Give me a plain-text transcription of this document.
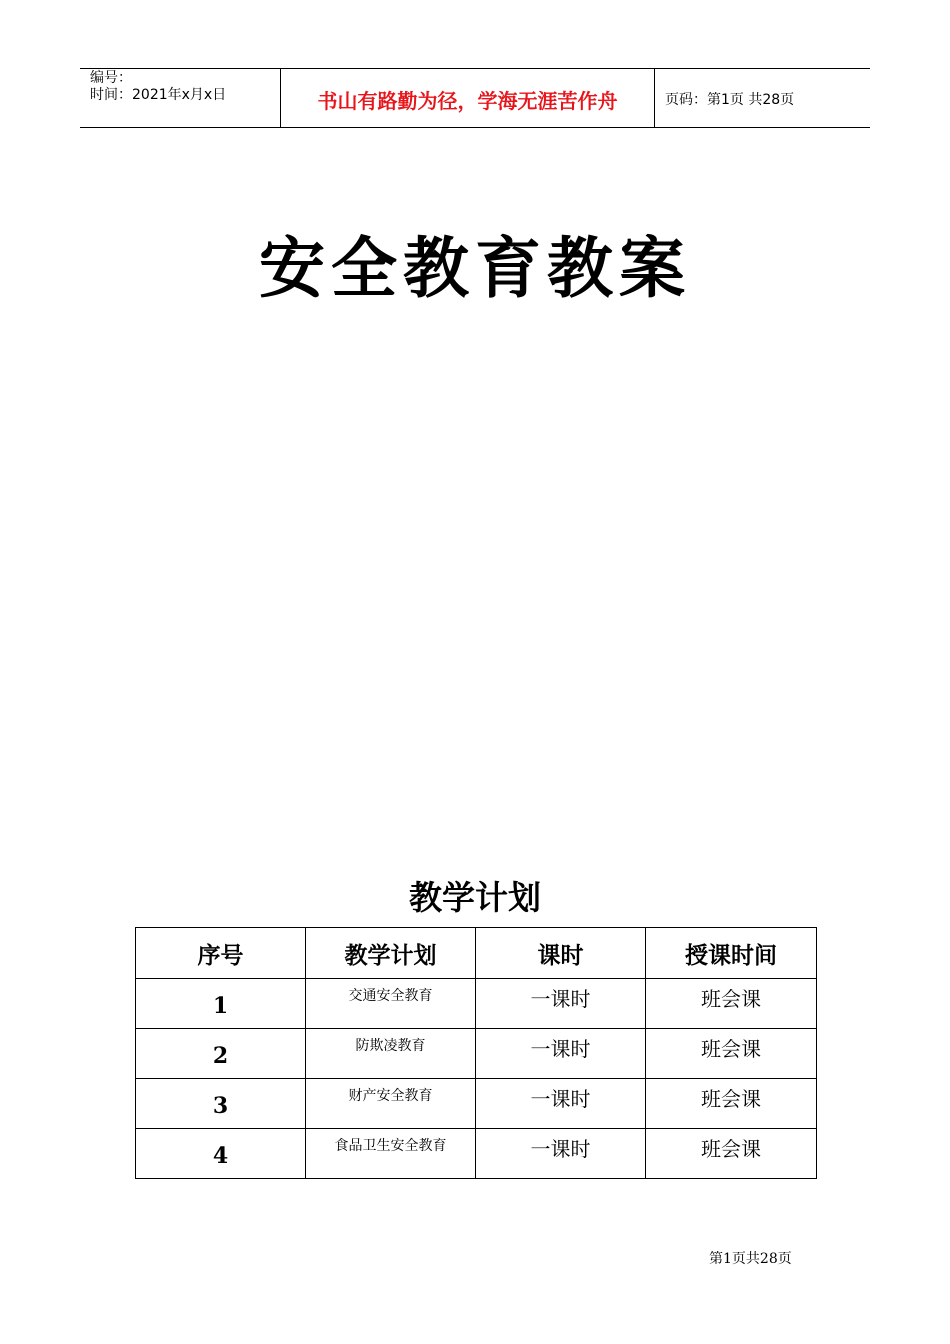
编号：
时间：2021年x月x日	书山有路勤为径，学海无涯苦作舟	页码：第1页 共28页
安全教育教案
教学计划
序号	教学计划	课时	授课时间
1	交通安全教育	一课时	班会课
2	防欺凌教育	一课时	班会课
3	财产安全教育	一课时	班会课
4	食品卫生安全教育	一课时	班会课
第1页共28页
